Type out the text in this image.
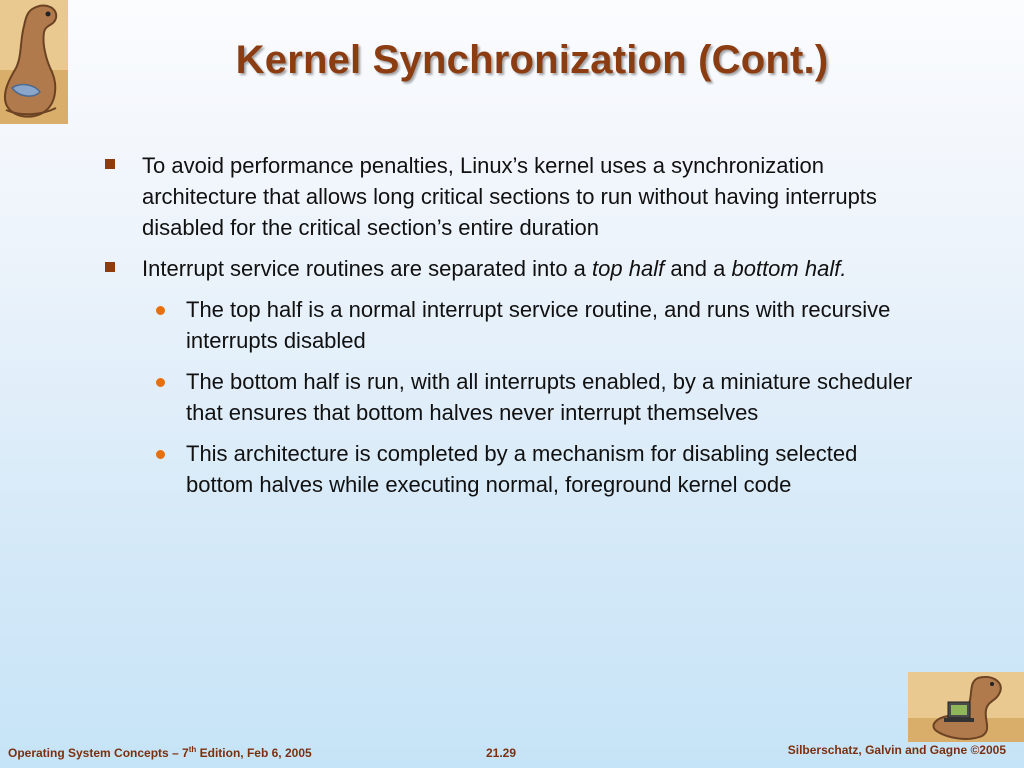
Kernel Synchronization (Cont.)
To avoid performance penalties, Linux’s kernel uses a synchronization architecture that allows long critical sections to run without having interrupts disabled for the critical section’s entire duration
Interrupt service routines are separated into a top half and a bottom half.
The top half is a normal interrupt service routine, and runs with recursive interrupts disabled
The bottom half is run, with all interrupts enabled, by a miniature scheduler that ensures that bottom halves never interrupt themselves
This architecture is completed by a mechanism for disabling selected bottom halves while executing normal, foreground kernel code
Operating System Concepts – 7th Edition, Feb 6, 2005	21.29	Silberschatz, Galvin and Gagne ©2005
